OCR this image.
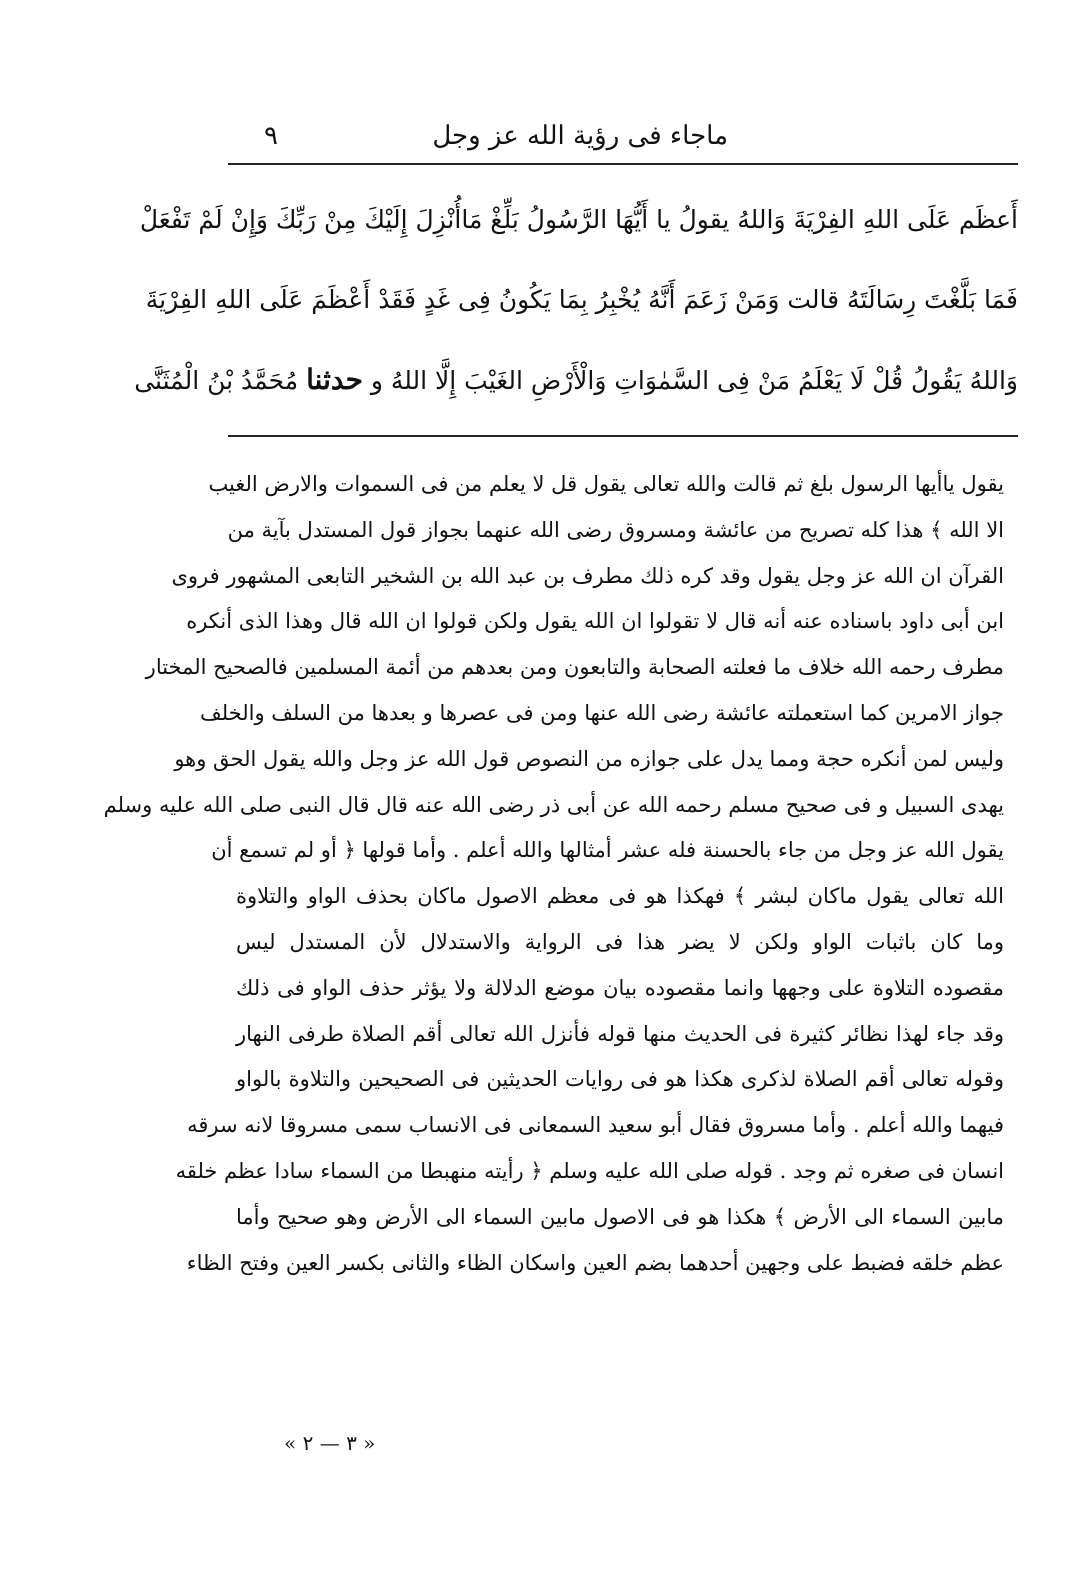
ماجاء فى رؤية الله عز وجل
٩
أَعظَم عَلَى اللهِ الفِرْيَةَ وَاللهُ يقولُ يا أَيُّهَا الرَّسُولُ بَلِّغْ مَاأُنْزِلَ إِلَيْكَ مِنْ رَبِّكَ وَإِنْ لَمْ تَفْعَلْ
فَمَا بَلَّغْتَ رِسَالَتَهُ قالت وَمَنْ زَعَمَ أَنَّهُ يُخْبِرُ بِمَا يَكُونُ فِى غَدٍ فَقَدْ أَعْظَمَ عَلَى اللهِ الفِرْيَةَ
وَاللهُ يَقُولُ قُلْ لَا يَعْلَمُ مَنْ فِى السَّمٰوَاتِ وَالْأَرْضِ الغَيْبَ إِلَّا اللهُ و حدثنا مُحَمَّدُ بْنُ الْمُثَنَّى
يقول ياأيها الرسول بلغ ثم قالت والله تعالى يقول قل لا يعلم من فى السموات والارض الغيب
الا الله ﴾ هذا كله تصريح من عائشة ومسروق رضى الله عنهما بجواز قول المستدل بآية من
القرآن ان الله عز وجل يقول وقد كره ذلك مطرف بن عبد الله بن الشخير التابعى المشهور فروى
ابن أبى داود باسناده عنه أنه قال لا تقولوا ان الله يقول ولكن قولوا ان الله قال وهذا الذى أنكره
مطرف رحمه الله خلاف ما فعلته الصحابة والتابعون ومن بعدهم من أئمة المسلمين فالصحيح المختار
جواز الامرين كما استعملته عائشة رضى الله عنها ومن فى عصرها و بعدها من السلف والخلف
وليس لمن أنكره حجة ومما يدل على جوازه من النصوص قول الله عز وجل والله يقول الحق وهو
يهدى السبيل و فى صحيح مسلم رحمه الله عن أبى ذر رضى الله عنه قال قال النبى صلى الله عليه وسلم
يقول الله عز وجل من جاء بالحسنة فله عشر أمثالها والله أعلم . وأما قولها ﴿ أو لم تسمع أن
الله تعالى يقول ماكان لبشر ﴾ فهكذا هو فى معظم الاصول ماكان بحذف الواو والتلاوة
وما كان باثبات الواو ولكن لا يضر هذا فى الرواية والاستدلال لأن المستدل ليس
مقصوده التلاوة على وجهها وانما مقصوده بيان موضع الدلالة ولا يؤثر حذف الواو فى ذلك
وقد جاء لهذا نظائر كثيرة فى الحديث منها قوله فأنزل الله تعالى أقم الصلاة طرفى النهار
وقوله تعالى أقم الصلاة لذكرى هكذا هو فى روايات الحديثين فى الصحيحين والتلاوة بالواو
فيهما والله أعلم . وأما مسروق فقال أبو سعيد السمعانى فى الانساب سمى مسروقا لانه سرقه
انسان فى صغره ثم وجد . قوله صلى الله عليه وسلم ﴿ رأيته منهبطا من السماء سادا عظم خلقه
مابين السماء الى الأرض ﴾ هكذا هو فى الاصول مابين السماء الى الأرض وهو صحيح وأما
عظم خلقه فضبط على وجهين أحدهما بضم العين واسكان الظاء والثانى بكسر العين وفتح الظاء
« ٣ — ٢ »
